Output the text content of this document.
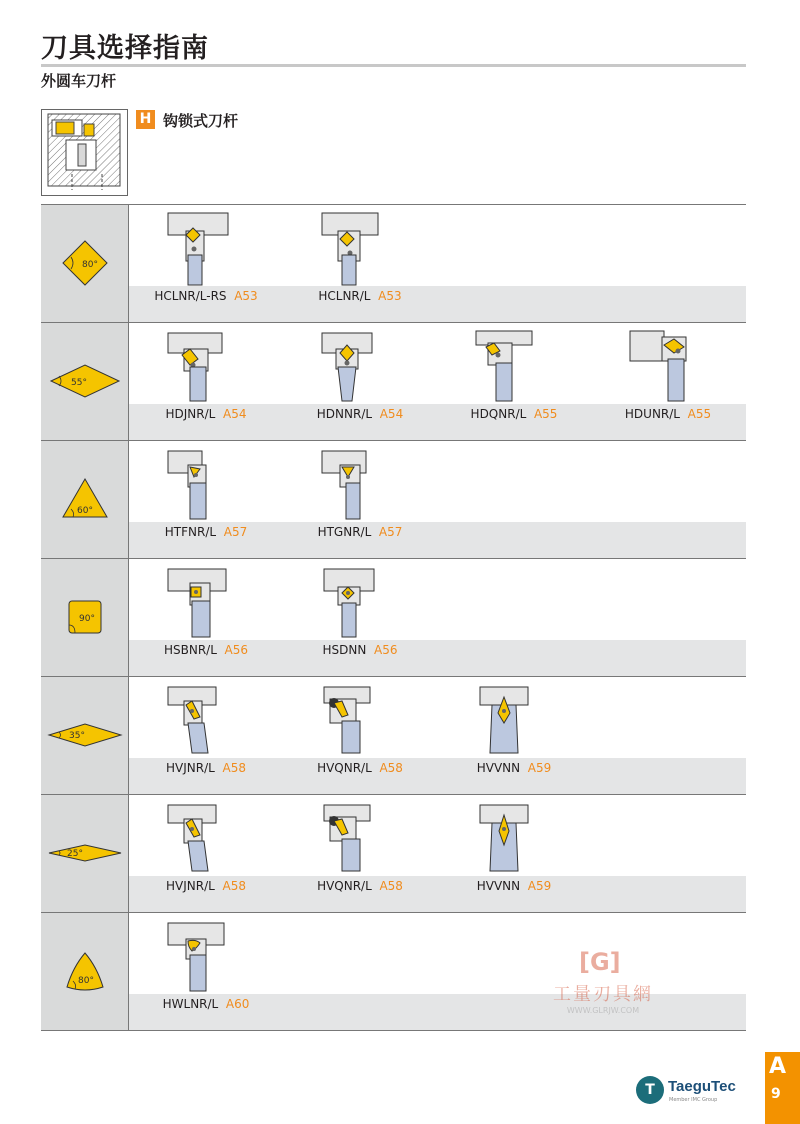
刀具选择指南
外圆车刀杆
H 钩锁式刀杆
80°
HCLNR/L-RS A53	HCLNR/L A53
55°
HDJNR/L A54	HDNNR/L A54	HDQNR/L A55	HDUNR/L A55
60°
HTFNR/L A57	HTGNR/L A57
90°
HSBNR/L A56	HSDNN A56
35°
HVJNR/L A58	HVQNR/L A58	HVVNN A59
25°
HVJNR/L A58	HVQNR/L A58	HVVNN A59
80°
HWLNR/L A60
[G]
工量刃具網
WWW.GLRJW.COM
T TaeguTec
Member IMC Group
A
9
